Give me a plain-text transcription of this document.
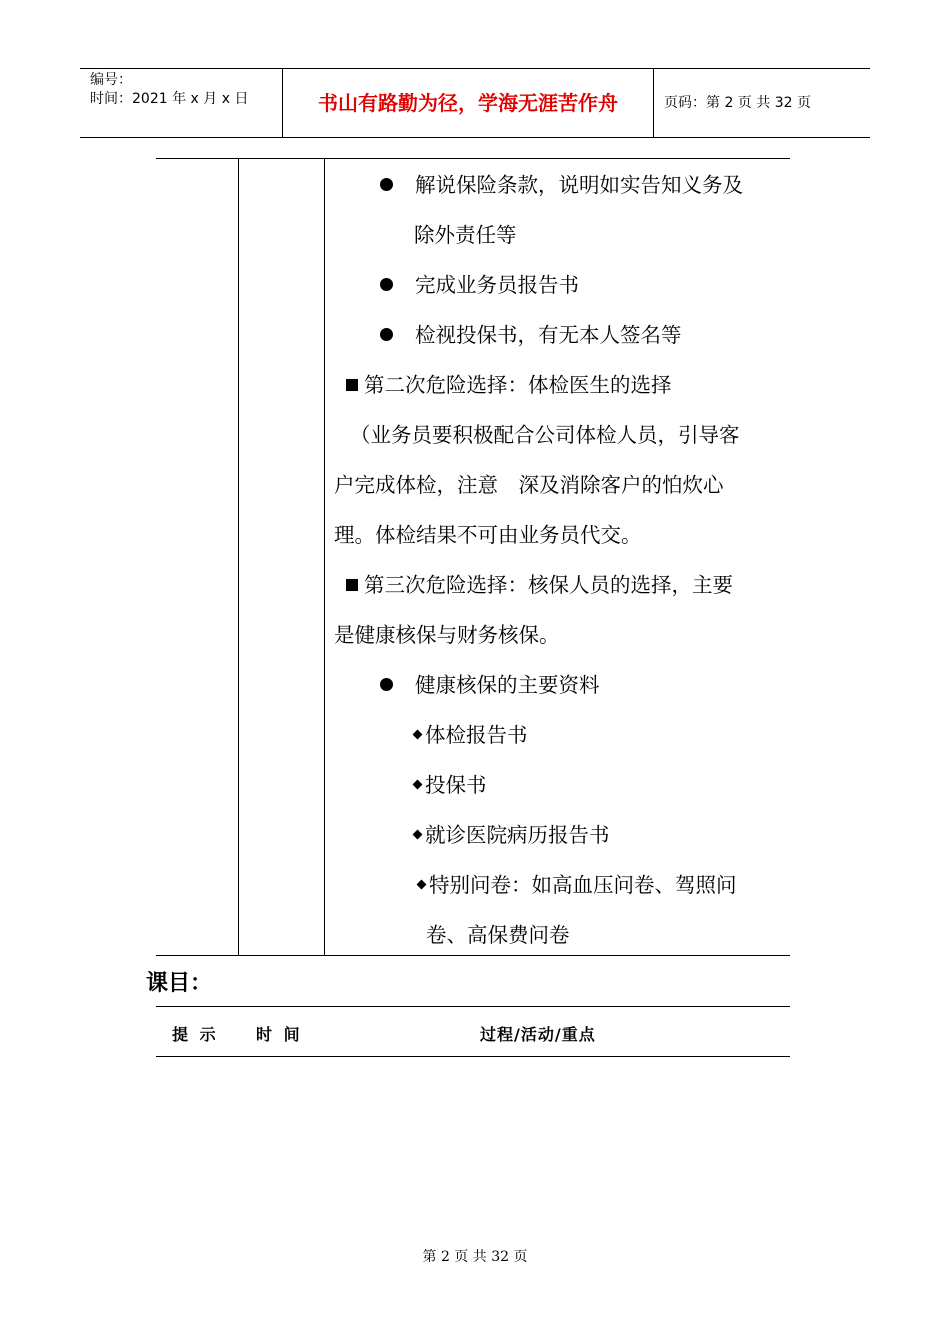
编号：
时间：2021 年 x 月 x 日	书山有路勤为径，学海无涯苦作舟	页码：第 2 页 共 32 页
解说保险条款，说明如实告知义务及
除外责任等
完成业务员报告书
检视投保书，有无本人签名等
第二次危险选择：体检医生的选择
（业务员要积极配合公司体检人员，引导客
户完成体检，注意　深及消除客户的怕炊心
理。体检结果不可由业务员代交。
第三次危险选择：核保人员的选择，主要
是健康核保与财务核保。
健康核保的主要资料
体检报告书
投保书
就诊医院病历报告书
特别问卷：如高血压问卷、驾照问
卷、高保费问卷
课目：
提 示 时 间	过程/活动/重点
第 2 页 共 32 页
